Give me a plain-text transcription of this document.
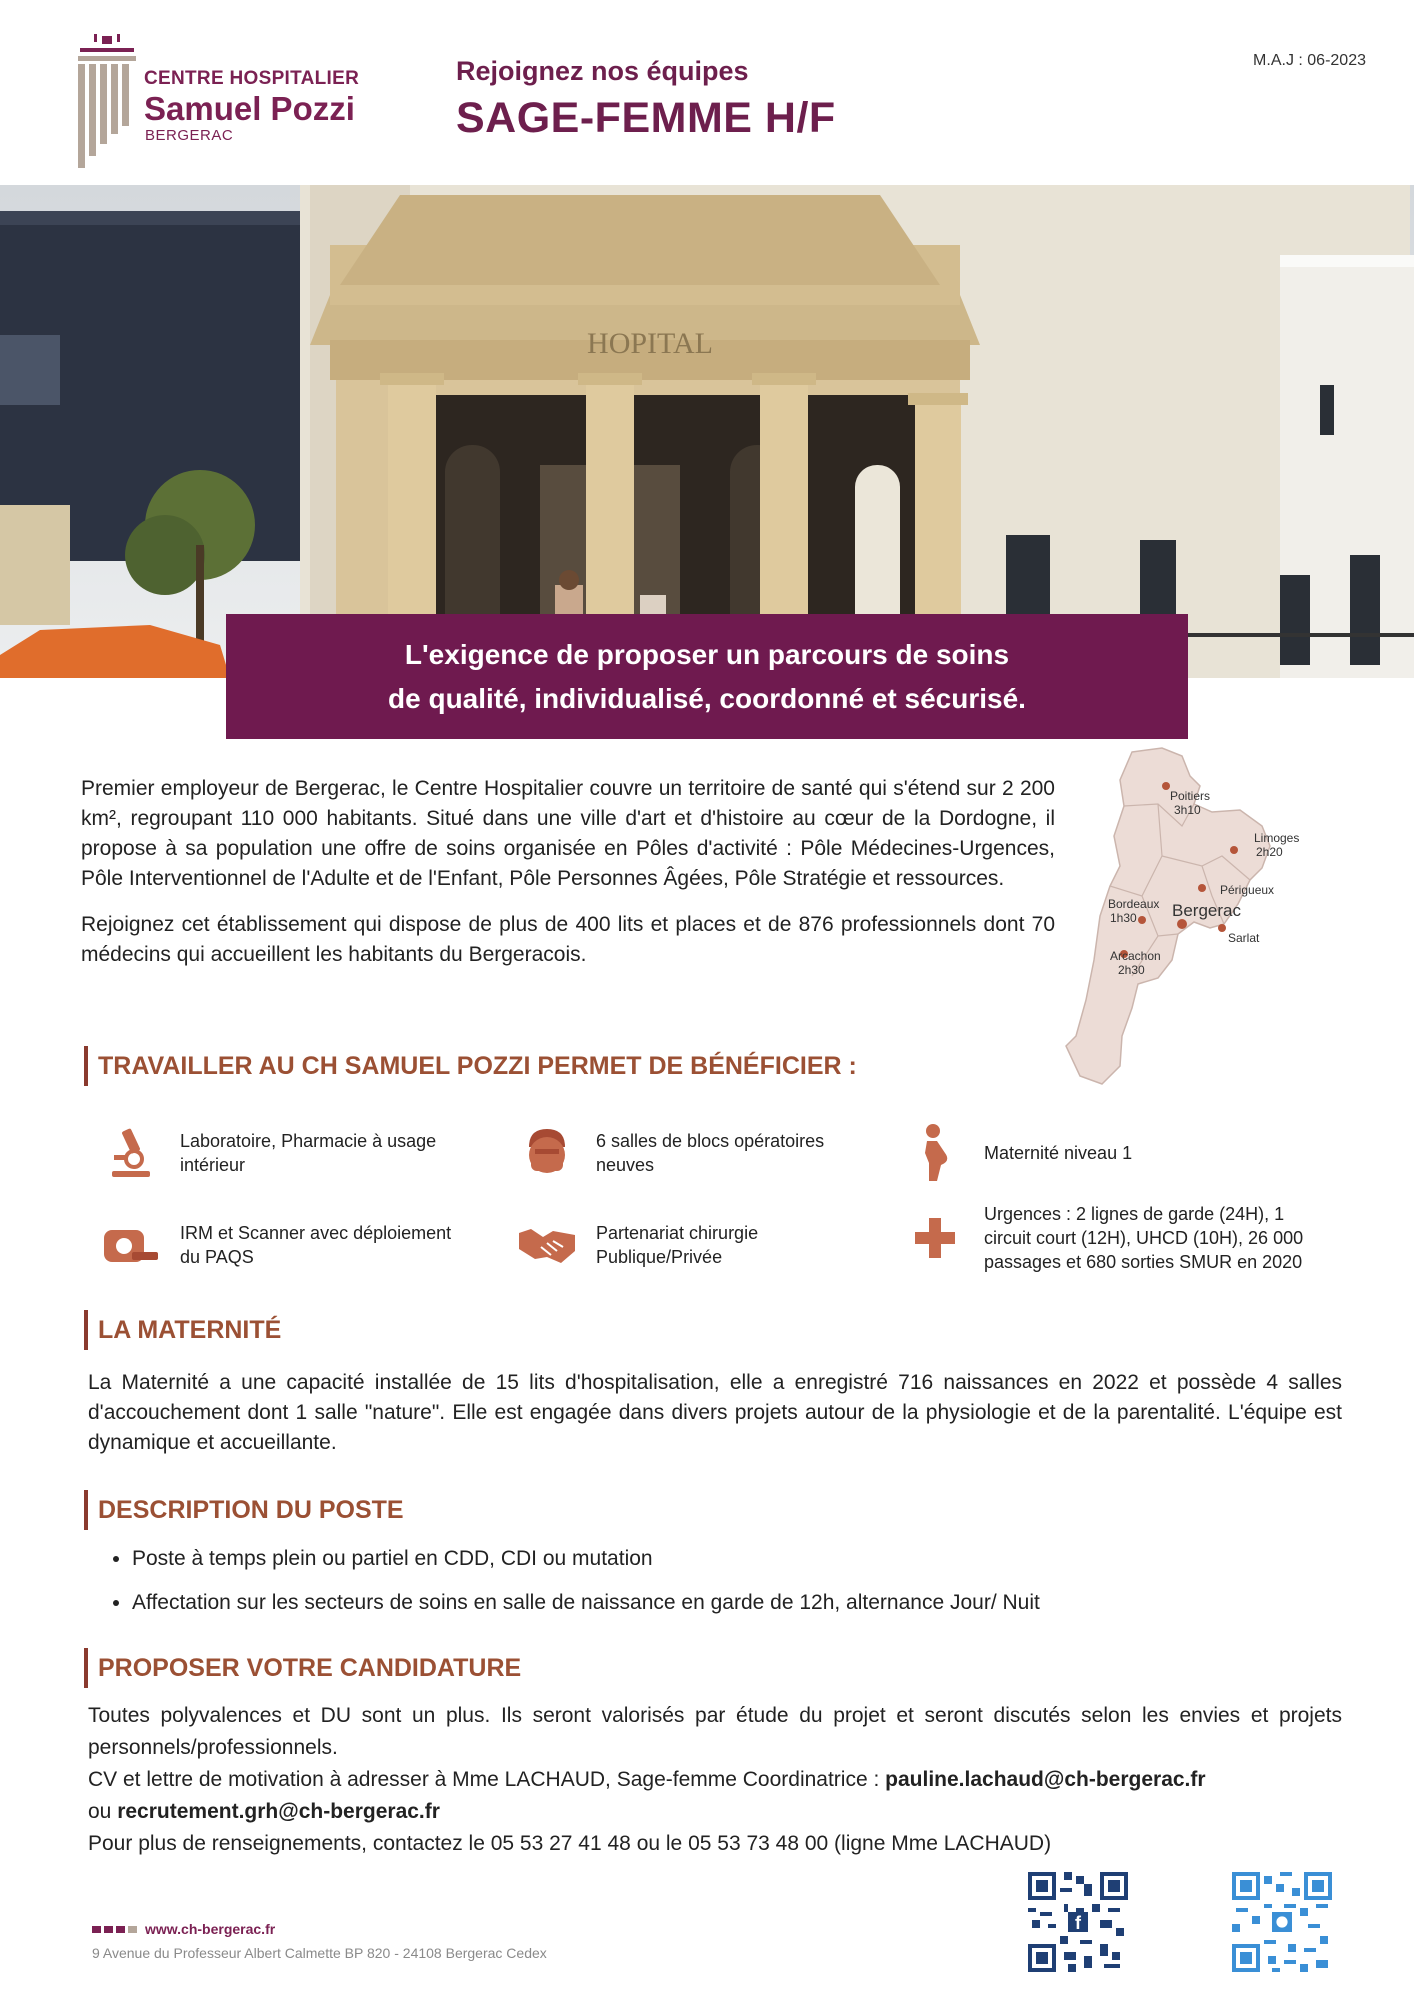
CENTRE HOSPITALIER
Samuel Pozzi
BERGERAC
Rejoignez nos équipes
SAGE-FEMME H/F
M.A.J : 06-2023
HOPITAL
L'exigence de proposer un parcours de soins
de qualité, individualisé, coordonné et sécurisé.

Premier employeur de Bergerac, le Centre Hospitalier couvre un territoire de santé qui s'étend sur 2 200 km², regroupant 110 000 habitants. Situé dans une ville d'art et d'histoire au cœur de la Dordogne, il propose à sa population une offre de soins organisée en Pôles d'activité : Pôle Médecines-Urgences, Pôle Interventionnel de l'Adulte et de l'Enfant, Pôle Personnes Âgées, Pôle Stratégie et ressources.

Rejoignez cet établissement qui dispose de plus de 400 lits et places et de 876 professionnels dont 70 médecins qui accueillent les habitants du Bergeracois.

Poitiers
3h10
Limoges
2h20
Périgueux
Sarlat
Bordeaux
1h30
Arcachon
2h30
Bergerac
TRAVAILLER AU CH SAMUEL POZZI PERMET DE BÉNÉFICIER :
Laboratoire, Pharmacie à usage
intérieur
6 salles de blocs opératoires
neuves
Maternité niveau 1
IRM et Scanner avec déploiement
du PAQS
Partenariat chirurgie
Publique/Privée
Urgences : 2 lignes de garde (24H), 1
circuit court (12H), UHCD (10H), 26 000
passages et 680 sorties SMUR en 2020
LA MATERNITÉ
La Maternité a une capacité installée de 15 lits d'hospitalisation, elle a enregistré 716 naissances en 2022 et possède 4 salles d'accouchement dont 1 salle "nature". Elle est engagée dans divers projets autour de la physiologie et de la parentalité. L'équipe est dynamique et accueillante.
DESCRIPTION DU POSTE
• Poste à temps plein ou partiel en CDD, CDI ou mutation
• Affectation sur les secteurs de soins en salle de naissance en garde de 12h, alternance Jour/ Nuit
PROPOSER VOTRE CANDIDATURE
Toutes polyvalences et DU sont un plus. Ils seront valorisés par étude du projet et seront discutés selon les envies et projets personnels/professionnels.
CV et lettre de motivation à adresser à Mme LACHAUD, Sage-femme Coordinatrice : pauline.lachaud@ch-bergerac.fr
ou recrutement.grh@ch-bergerac.fr
Pour plus de renseignements, contactez le 05 53 27 41 48 ou le 05 53 73 48 00 (ligne Mme LACHAUD)
www.ch-bergerac.fr
9 Avenue du Professeur Albert Calmette BP 820 - 24108 Bergerac Cedex
f
